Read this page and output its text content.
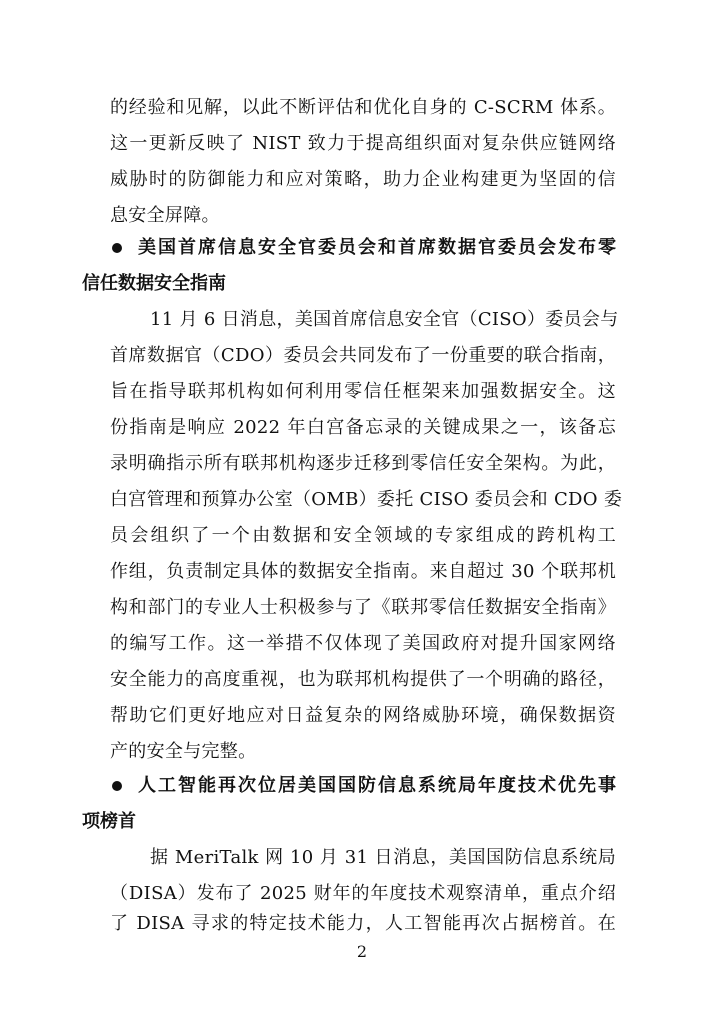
的经验和见解，以此不断评估和优化自身的 C-SCRM 体系。
这一更新反映了 NIST 致力于提高组织面对复杂供应链网络
威胁时的防御能力和应对策略，助力企业构建更为坚固的信
息安全屏障。
美国首席信息安全官委员会和首席数据官委员会发布零
信任数据安全指南
11 月 6 日消息，美国首席信息安全官（CISO）委员会与
首席数据官（CDO）委员会共同发布了一份重要的联合指南，
旨在指导联邦机构如何利用零信任框架来加强数据安全。这
份指南是响应 2022 年白宫备忘录的关键成果之一，该备忘
录明确指示所有联邦机构逐步迁移到零信任安全架构。为此，
白宫管理和预算办公室（OMB）委托 CISO 委员会和 CDO 委
员会组织了一个由数据和安全领域的专家组成的跨机构工
作组，负责制定具体的数据安全指南。来自超过 30 个联邦机
构和部门的专业人士积极参与了《联邦零信任数据安全指南》
的编写工作。这一举措不仅体现了美国政府对提升国家网络
安全能力的高度重视，也为联邦机构提供了一个明确的路径，
帮助它们更好地应对日益复杂的网络威胁环境，确保数据资
产的安全与完整。
人工智能再次位居美国国防信息系统局年度技术优先事
项榜首
据 MeriTalk 网 10 月 31 日消息，美国国防信息系统局
（DISA）发布了 2025 财年的年度技术观察清单，重点介绍
了 DISA 寻求的特定技术能力，人工智能再次占据榜首。在
2
